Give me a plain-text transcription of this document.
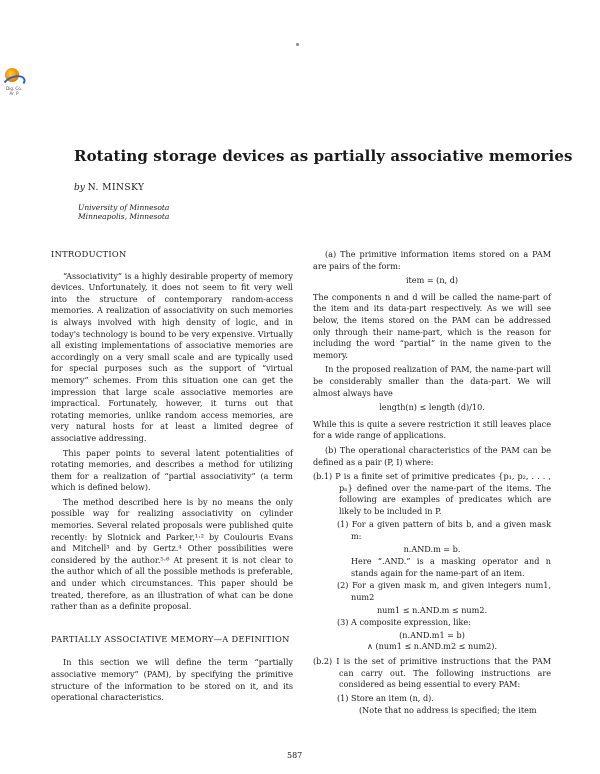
Dig. Co.
Ar. P
Rotating storage devices as partially associative memories
by N. MINSKY
University of Minnesota
Minneapolis, Minnesota
INTRODUCTION

“Associativity” is a highly desirable property of memory devices. Unfortunately, it does not seem to fit very well into the structure of contemporary random-access memories. A realization of associativity on such memories is always involved with high density of logic, and in today's technology is bound to be very expensive. Virtually all existing implementations of associative memories are accordingly on a very small scale and are typically used for special purposes such as the support of “virtual memory” schemes. From this situation one can get the impression that large scale associative memories are impractical. Fortunately, however, it turns out that rotating memories, unlike random access memories, are very natural hosts for at least a limited degree of associative addressing.

This paper points to several latent potentialities of rotating memories, and describes a method for utilizing them for a realization of “partial associativity” (a term which is defined below).

The method described here is by no means the only possible way for realizing associativity on cylinder memories. Several related proposals were published quite recently: by Slotnick and Parker,¹·² by Coulouris Evans and Mitchell³ and by Gertz.⁴ Other possibilities were considered by the author.⁵·⁶ At present it is not clear to the author which of all the possible methods is preferable, and under which circumstances. This paper should be treated, therefore, as an illustration of what can be done rather than as a definite proposal.

PARTIALLY ASSOCIATIVE MEMORY—A DEFINITION

In this section we will define the term “partially associative memory” (PAM), by specifying the primitive structure of the information to be stored on it, and its operational characteristics.

(a) The primitive information items stored on a PAM are pairs of the form:

item = (n, d)

The components n and d will be called the name-part of the item and its data-part respectively. As we will see below, the items stored on the PAM can be addressed only through their name-part, which is the reason for including the word “partial” in the name given to the memory.

In the proposed realization of PAM, the name-part will be considerably smaller than the data-part. We will almost always have

length(n) ≤ length (d)/10.

While this is quite a severe restriction it still leaves place for a wide range of applications.

(b) The operational characteristics of the PAM can be defined as a pair (P, I) where:

(b.1) P is a finite set of primitive predicates {p₁, p₂, . . . , pₙ} defined over the name-part of the items. The following are examples of predicates which are likely to be included in P.
(1) For a given pattern of bits b, and a given mask m:
n.AND.m = b.
Here “.AND.” is a masking operator and n stands again for the name-part of an item.
(2) For a given mask m, and given integers num1, num2
num1 ≤ n.AND.m ≤ num2.
(3) A composite expression, like:
(n.AND.m1 = b)
∧ (num1 ≤ n.AND.m2 ≤ num2).
(b.2) I is the set of primitive instructions that the PAM can carry out. The following instructions are considered as being essential to every PAM:
(1) Store an item (n, d).
(Note that no address is specified; the item
587
